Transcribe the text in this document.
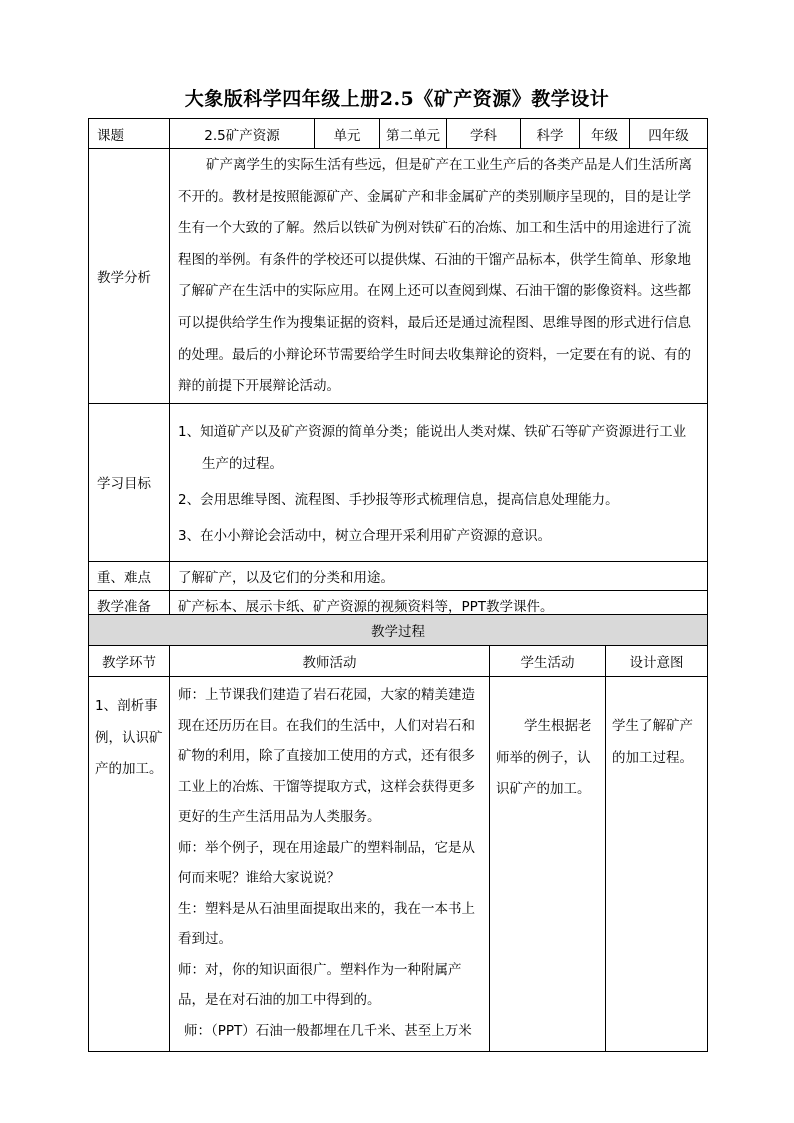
大象版科学四年级上册2.5《矿产资源》教学设计
课题	2.5矿产资源	单元	第二单元	学科	科学	年级	四年级
教学分析	矿产离学生的实际生活有些远，但是矿产在工业生产后的各类产品是人们生活所离不开的。教材是按照能源矿产、金属矿产和非金属矿产的类别顺序呈现的，目的是让学生有一个大致的了解。然后以铁矿为例对铁矿石的冶炼、加工和生活中的用途进行了流程图的举例。有条件的学校还可以提供煤、石油的干馏产品标本，供学生简单、形象地了解矿产在生活中的实际应用。在网上还可以查阅到煤、石油干馏的影像资料。这些都可以提供给学生作为搜集证据的资料，最后还是通过流程图、思维导图的形式进行信息的处理。最后的小辩论环节需要给学生时间去收集辩论的资料，一定要在有的说、有的辩的前提下开展辩论活动。						
学习目标	1、知道矿产以及矿产资源的简单分类；能说出人类对煤、铁矿石等矿产资源进行工业
生产的过程。
2、会用思维导图、流程图、手抄报等形式梳理信息，提高信息处理能力。
3、在小小辩论会活动中，树立合理开采利用矿产资源的意识。						

重、难点	了解矿产，以及它们的分类和用途。						
教学准备	矿产标本、展示卡纸、矿产资源的视频资料等，PPT教学课件。						
教学过程			
教学环节	教师活动	学生活动	设计意图
1、剖析事例，认识矿产的加工。	师：上节课我们建造了岩石花园，大家的精美建造现在还历历在目。在我们的生活中，人们对岩石和矿物的利用，除了直接加工使用的方式，还有很多工业上的冶炼、干馏等提取方式，这样会获得更多更好的生产生活用品为人类服务。
师：举个例子，现在用途最广的塑料制品，它是从何而来呢？谁给大家说说？
生：塑料是从石油里面提取出来的，我在一本书上看到过。
师：对，你的知识面很广。塑料作为一种附属产品，是在对石油的加工中得到的。
师：（PPT）石油一般都埋在几千米、甚至上万米	学生根据老师举的例子，认识矿产的加工。	学生了解矿产的加工过程。
